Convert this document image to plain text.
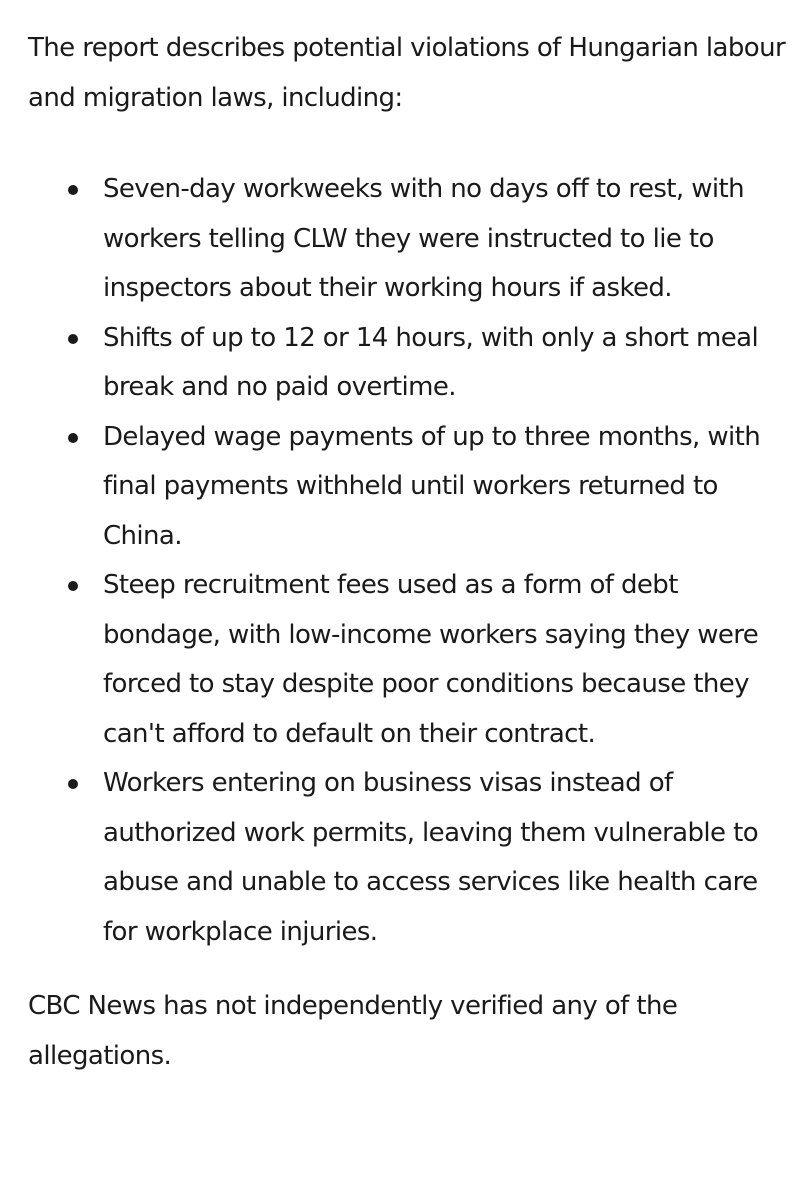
The report describes potential violations of Hungarian labour and migration laws, including:

Seven-day workweeks with no days off to rest, with workers telling CLW they were instructed to lie to inspectors about their working hours if asked.
Shifts of up to 12 or 14 hours, with only a short meal break and no paid overtime.
Delayed wage payments of up to three months, with final payments withheld until workers returned to China.
Steep recruitment fees used as a form of debt bondage, with low-income workers saying they were forced to stay despite poor conditions because they can't afford to default on their contract.
Workers entering on business visas instead of authorized work permits, leaving them vulnerable to abuse and unable to access services like health care for workplace injuries.

CBC News has not independently verified any of the allegations.
